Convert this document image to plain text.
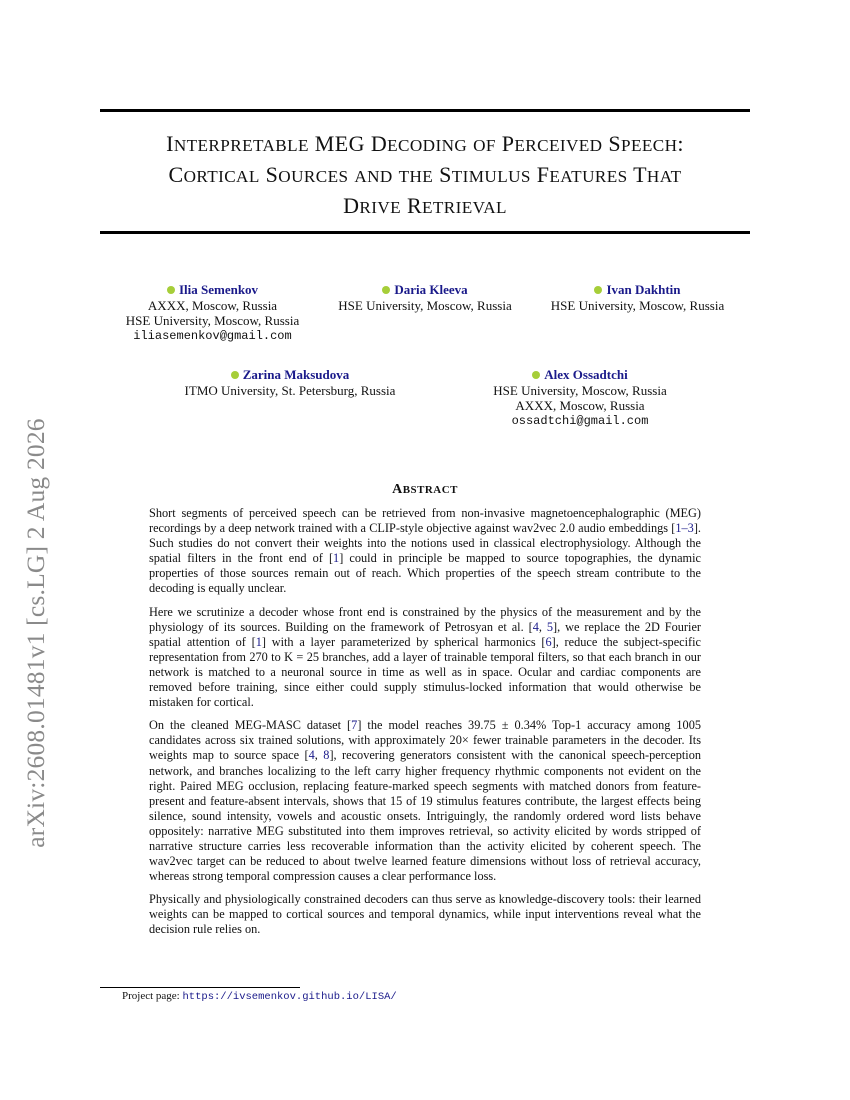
arXiv:2608.01481v1 [cs.LG] 2 Aug 2026
INTERPRETABLE MEG DECODING OF PERCEIVED SPEECH:
CORTICAL SOURCES AND THE STIMULUS FEATURES THAT
DRIVE RETRIEVAL
Ilia Semenkov
AXXX, Moscow, Russia
HSE University, Moscow, Russia
iliasemenkov@gmail.com
Daria Kleeva
HSE University, Moscow, Russia
Ivan Dakhtin
HSE University, Moscow, Russia
Zarina Maksudova
ITMO University, St. Petersburg, Russia
Alex Ossadtchi
HSE University, Moscow, Russia
AXXX, Moscow, Russia
ossadtchi@gmail.com
ABSTRACT

Short segments of perceived speech can be retrieved from non-invasive magnetoencephalographic (MEG) recordings by a deep network trained with a CLIP-style objective against wav2vec 2.0 audio embeddings [1–3]. Such studies do not convert their weights into the notions used in classical electrophysiology. Although the spatial filters in the front end of [1] could in principle be mapped to source topographies, the dynamic properties of those sources remain out of reach. Which properties of the speech stream contribute to the decoding is equally unclear.

Here we scrutinize a decoder whose front end is constrained by the physics of the measurement and by the physiology of its sources. Building on the framework of Petrosyan et al. [4, 5], we replace the 2D Fourier spatial attention of [1] with a layer parameterized by spherical harmonics [6], reduce the subject-specific representation from 270 to K = 25 branches, add a layer of trainable temporal filters, so that each branch in our network is matched to a neuronal source in time as well as in space. Ocular and cardiac components are removed before training, since either could supply stimulus-locked information that would otherwise be mistaken for cortical.

On the cleaned MEG-MASC dataset [7] the model reaches 39.75 ± 0.34% Top-1 accuracy among 1005 candidates across six trained solutions, with approximately 20× fewer trainable parameters in the decoder. Its weights map to source space [4, 8], recovering generators consistent with the canonical speech-perception network, and branches localizing to the left carry higher frequency rhythmic components not evident on the right. Paired MEG occlusion, replacing feature-marked speech segments with matched donors from feature-present and feature-absent intervals, shows that 15 of 19 stimulus features contribute, the largest effects being silence, sound intensity, vowels and acoustic onsets. Intriguingly, the randomly ordered word lists behave oppositely: narrative MEG substituted into them improves retrieval, so activity elicited by words stripped of narrative structure carries less recoverable information than the activity elicited by coherent speech. The wav2vec target can be reduced to about twelve learned feature dimensions without loss of retrieval accuracy, whereas strong temporal compression causes a clear performance loss.

Physically and physiologically constrained decoders can thus serve as knowledge-discovery tools: their learned weights can be mapped to cortical sources and temporal dynamics, while input interventions reveal what the decision rule relies on.

Project page: https://ivsemenkov.github.io/LISA/
